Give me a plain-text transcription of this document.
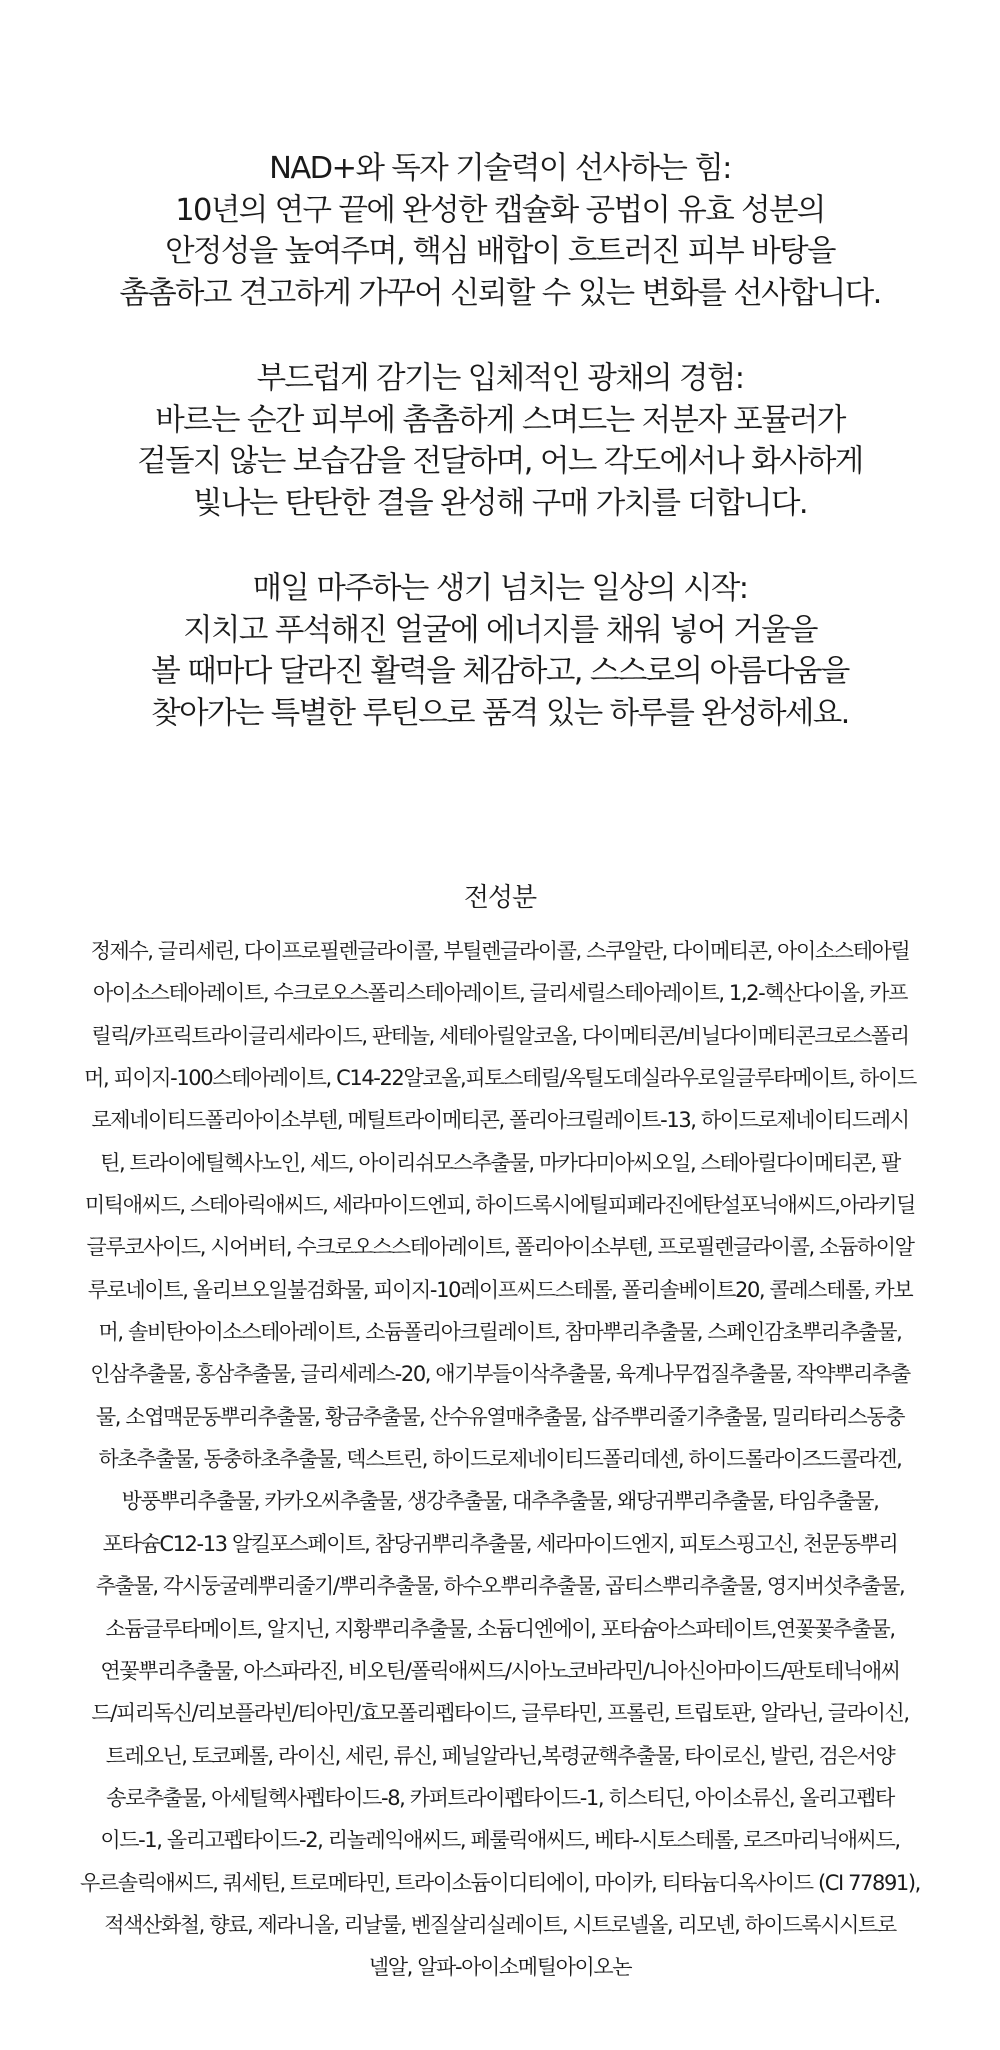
NAD+와 독자 기술력이 선사하는 힘:
10년의 연구 끝에 완성한 캡슐화 공법이 유효 성분의
안정성을 높여주며, 핵심 배합이 흐트러진 피부 바탕을
촘촘하고 견고하게 가꾸어 신뢰할 수 있는 변화를 선사합니다.
부드럽게 감기는 입체적인 광채의 경험:
바르는 순간 피부에 촘촘하게 스며드는 저분자 포뮬러가
겉돌지 않는 보습감을 전달하며, 어느 각도에서나 화사하게
빛나는 탄탄한 결을 완성해 구매 가치를 더합니다.
매일 마주하는 생기 넘치는 일상의 시작:
지치고 푸석해진 얼굴에 에너지를 채워 넣어 거울을
볼 때마다 달라진 활력을 체감하고, 스스로의 아름다움을
찾아가는 특별한 루틴으로 품격 있는 하루를 완성하세요.
전성분
정제수, 글리세린, 다이프로필렌글라이콜, 부틸렌글라이콜, 스쿠알란, 다이메티콘, 아이소스테아릴
아이소스테아레이트, 수크로오스폴리스테아레이트, 글리세릴스테아레이트, 1,2-헥산다이올, 카프
릴릭/카프릭트라이글리세라이드, 판테놀, 세테아릴알코올, 다이메티콘/비닐다이메티콘크로스폴리
머, 피이지-100스테아레이트, C14-22알코올,피토스테릴/옥틸도데실라우로일글루타메이트, 하이드
로제네이티드폴리아이소부텐, 메틸트라이메티콘, 폴리아크릴레이트-13, 하이드로제네이티드레시
틴, 트라이에틸헥사노인, 세드, 아이리쉬모스추출물, 마카다미아씨오일, 스테아릴다이메티콘, 팔
미틱애씨드, 스테아릭애씨드, 세라마이드엔피, 하이드록시에틸피페라진에탄설포닉애씨드,아라키딜
글루코사이드, 시어버터, 수크로오스스테아레이트, 폴리아이소부텐, 프로필렌글라이콜, 소듐하이알
루로네이트, 올리브오일불검화물, 피이지-10레이프씨드스테롤, 폴리솔베이트20, 콜레스테롤, 카보
머, 솔비탄아이소스테아레이트, 소듐폴리아크릴레이트, 참마뿌리추출물, 스페인감초뿌리추출물,
인삼추출물, 홍삼추출물, 글리세레스-20, 애기부들이삭추출물, 육계나무껍질추출물, 작약뿌리추출
물, 소엽맥문동뿌리추출물, 황금추출물, 산수유열매추출물, 삽주뿌리줄기추출물, 밀리타리스동충
하초추출물, 동충하초추출물, 덱스트린, 하이드로제네이티드폴리데센, 하이드롤라이즈드콜라겐,
방풍뿌리추출물, 카카오씨추출물, 생강추출물, 대추추출물, 왜당귀뿌리추출물, 타임추출물,
포타슘C12-13 알킬포스페이트, 참당귀뿌리추출물, 세라마이드엔지, 피토스핑고신, 천문동뿌리
추출물, 각시둥굴레뿌리줄기/뿌리추출물, 하수오뿌리추출물, 곱티스뿌리추출물, 영지버섯추출물,
소듐글루타메이트, 알지닌, 지황뿌리추출물, 소듐디엔에이, 포타슘아스파테이트,연꽃꽃추출물,
연꽃뿌리추출물, 아스파라진, 비오틴/폴릭애씨드/시아노코바라민/니아신아마이드/판토테닉애씨
드/피리독신/리보플라빈/티아민/효모폴리펩타이드, 글루타민, 프롤린, 트립토판, 알라닌, 글라이신,
트레오닌, 토코페롤, 라이신, 세린, 류신, 페닐알라닌,복령균핵추출물, 타이로신, 발린, 검은서양
송로추출물, 아세틸헥사펩타이드-8, 카퍼트라이펩타이드-1, 히스티딘, 아이소류신, 올리고펩타
이드-1, 올리고펩타이드-2, 리놀레익애씨드, 페룰릭애씨드, 베타-시토스테롤, 로즈마리닉애씨드,
우르솔릭애씨드, 쿼세틴, 트로메타민, 트라이소듐이디티에이, 마이카, 티타늄디옥사이드 (CI 77891),
적색산화철, 향료, 제라니올, 리날룰, 벤질살리실레이트, 시트로넬올, 리모넨, 하이드록시시트로
넬알, 알파-아이소메틸아이오논
